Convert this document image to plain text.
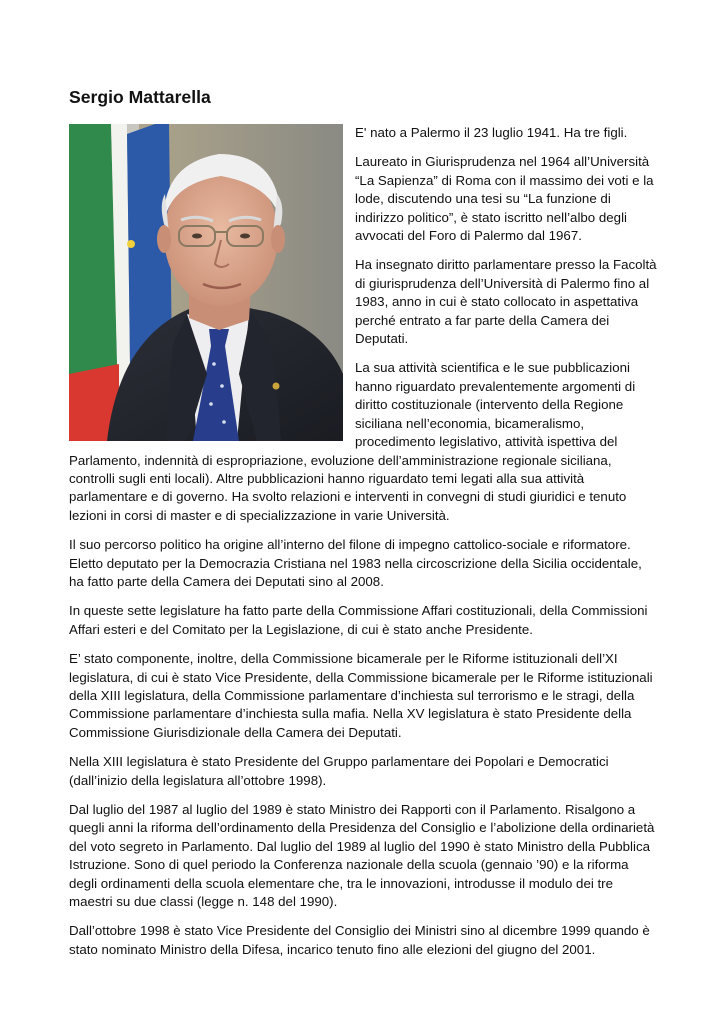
Sergio Mattarella

E' nato a Palermo il 23 luglio 1941. Ha tre figli.

Laureato in Giurisprudenza nel 1964 all’Università “La Sapienza” di Roma con il massimo dei voti e la lode, discutendo una tesi su “La funzione di indirizzo politico”, è stato iscritto nell’albo degli avvocati del Foro di Palermo dal 1967.

Ha insegnato diritto parlamentare presso la Facoltà di giurisprudenza dell’Università di Palermo fino al 1983, anno in cui è stato collocato in aspettativa perché entrato a far parte della Camera dei Deputati.

La sua attività scientifica e le sue pubblicazioni hanno riguardato prevalentemente argomenti di diritto costituzionale (intervento della Regione siciliana nell’economia, bicameralismo, procedimento legislativo, attività ispettiva del Parlamento, indennità di espropriazione, evoluzione dell’amministrazione regionale siciliana, controlli sugli enti locali). Altre pubblicazioni hanno riguardato temi legati alla sua attività parlamentare e di governo. Ha svolto relazioni e interventi in convegni di studi giuridici e tenuto lezioni in corsi di master e di specializzazione in varie Università.

Il suo percorso politico ha origine all’interno del filone di impegno cattolico-sociale e riformatore. Eletto deputato per la Democrazia Cristiana nel 1983 nella circoscrizione della Sicilia occidentale, ha fatto parte della Camera dei Deputati sino al 2008.

In queste sette legislature ha fatto parte della Commissione Affari costituzionali, della Commissioni Affari esteri e del Comitato per la Legislazione, di cui è stato anche Presidente.

E’ stato componente, inoltre, della Commissione bicamerale per le Riforme istituzionali dell’XI legislatura, di cui è stato Vice Presidente, della Commissione bicamerale per le Riforme istituzionali della XIII legislatura, della Commissione parlamentare d’inchiesta sul terrorismo e le stragi, della Commissione parlamentare d’inchiesta sulla mafia. Nella XV legislatura è stato Presidente della Commissione Giurisdizionale della Camera dei Deputati.

Nella XIII legislatura è stato Presidente del Gruppo parlamentare dei Popolari e Democratici (dall’inizio della legislatura all’ottobre 1998).

Dal luglio del 1987 al luglio del 1989 è stato Ministro dei Rapporti con il Parlamento. Risalgono a quegli anni la riforma dell’ordinamento della Presidenza del Consiglio e l’abolizione della ordinarietà del voto segreto in Parlamento. Dal luglio del 1989 al luglio del 1990 è stato Ministro della Pubblica Istruzione. Sono di quel periodo la Conferenza nazionale della scuola (gennaio ’90) e la riforma degli ordinamenti della scuola elementare che, tra le innovazioni, introdusse il modulo dei tre maestri su due classi (legge n. 148 del 1990).

Dall’ottobre 1998 è stato Vice Presidente del Consiglio dei Ministri sino al dicembre 1999 quando è stato nominato Ministro della Difesa, incarico tenuto fino alle elezioni del giugno del 2001.
